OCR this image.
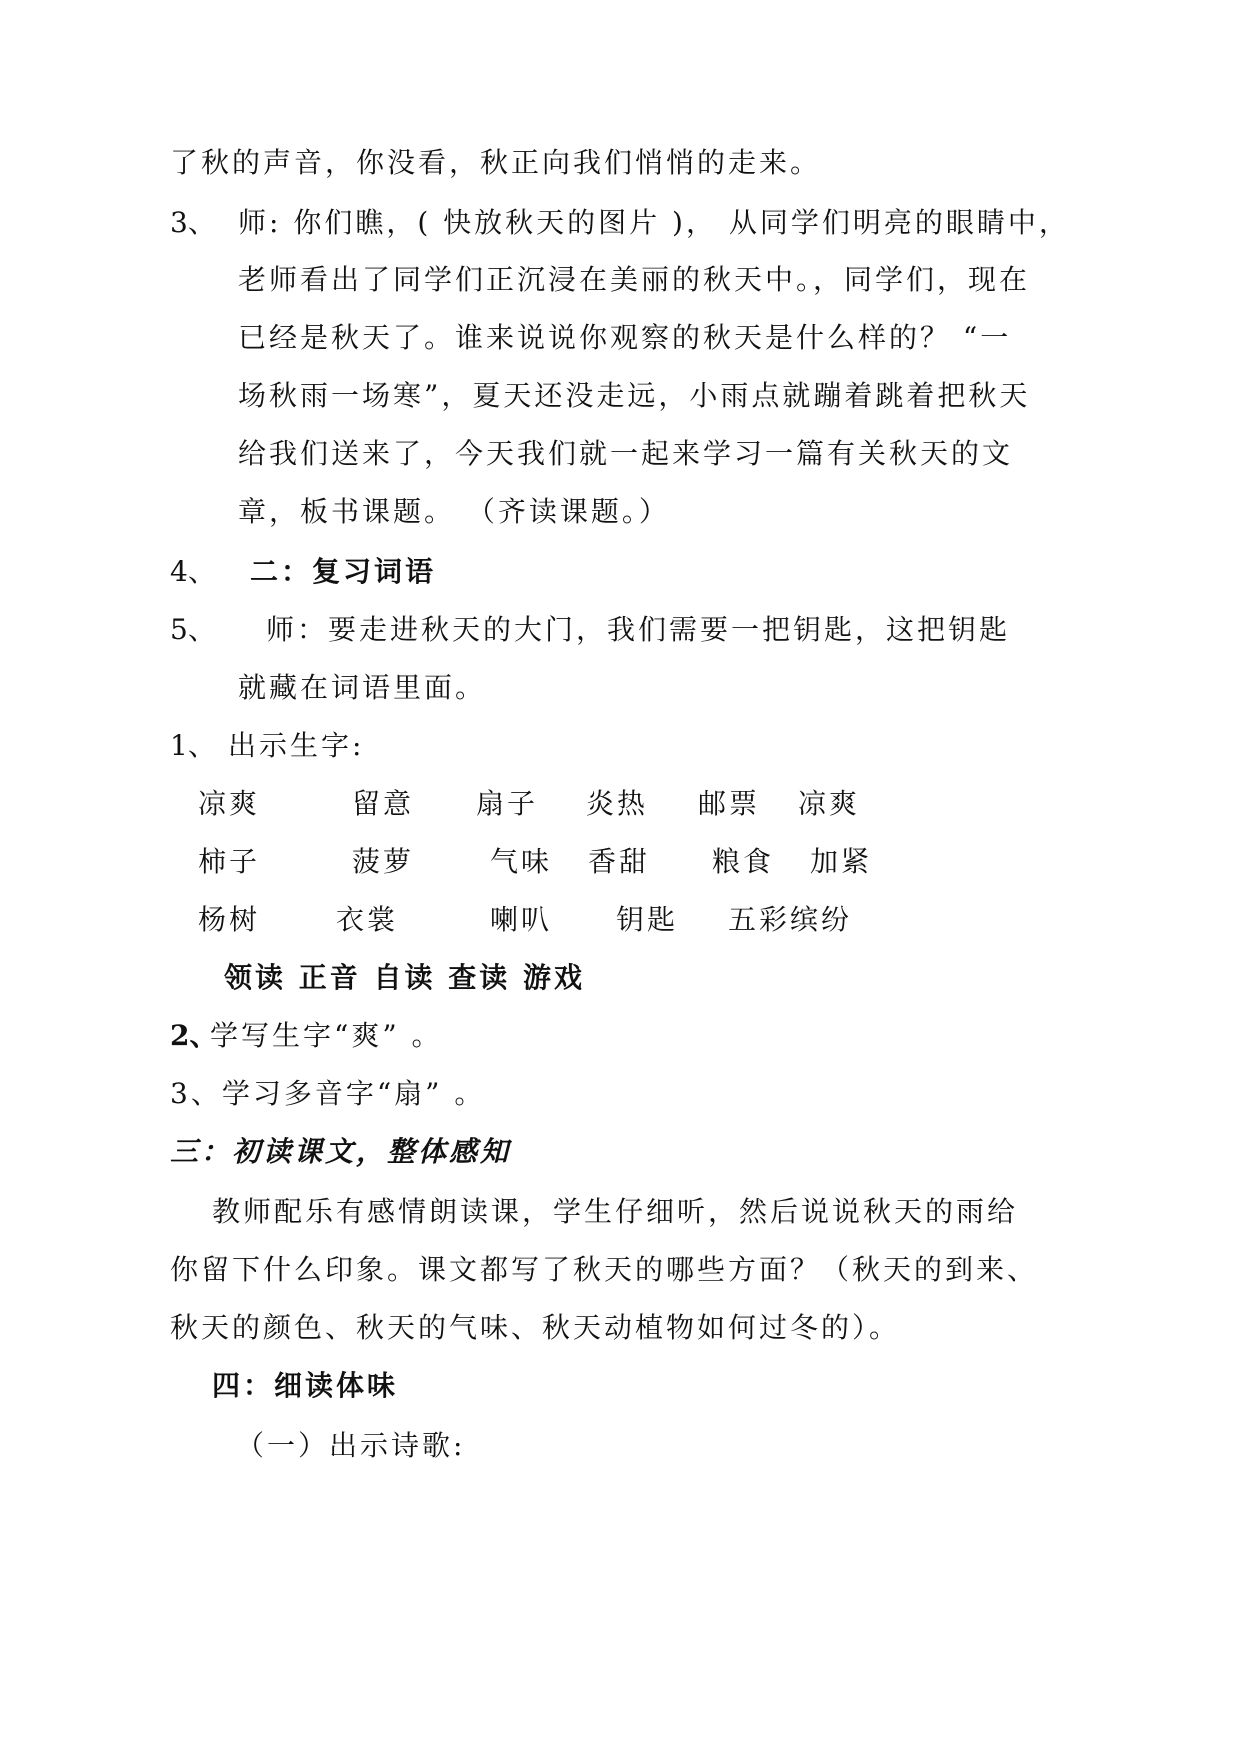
了秋的声音，你没看，秋正向我们悄悄的走来。
3、 师: 你们瞧，( 快放秋天的图片 )， 从同学们明亮的眼睛中，
老师看出了同学们正沉浸在美丽的秋天中。，同学们，现在
已经是秋天了。谁来说说你观察的秋天是什么样的？ “一
场秋雨一场寒”，夏天还没走远，小雨点就蹦着跳着把秋天
给我们送来了，今天我们就一起来学习一篇有关秋天的文
章，板书课题。 （齐读课题。）
4、 二：复习词语
5、 师：要走进秋天的大门，我们需要一把钥匙，这把钥匙
就藏在词语里面。
1、 出示生字:
凉爽	留意 扇子 炎热 邮票 凉爽
柿子	菠萝	气味 香甜 粮食 加紧
杨树	衣裳	喇叭 钥匙 五彩缤纷
领读 正音 自读 查读 游戏
2、
学写生字“爽” 。
3、学习多音字“扇” 。
三：初读课文，整体感知
教师配乐有感情朗读课，学生仔细听，然后说说秋天的雨给
你留下什么印象。课文都写了秋天的哪些方面？（秋天的到来、
秋天的颜色、秋天的气味、秋天动植物如何过冬的）。
四：细读体味
（一）出示诗歌:
